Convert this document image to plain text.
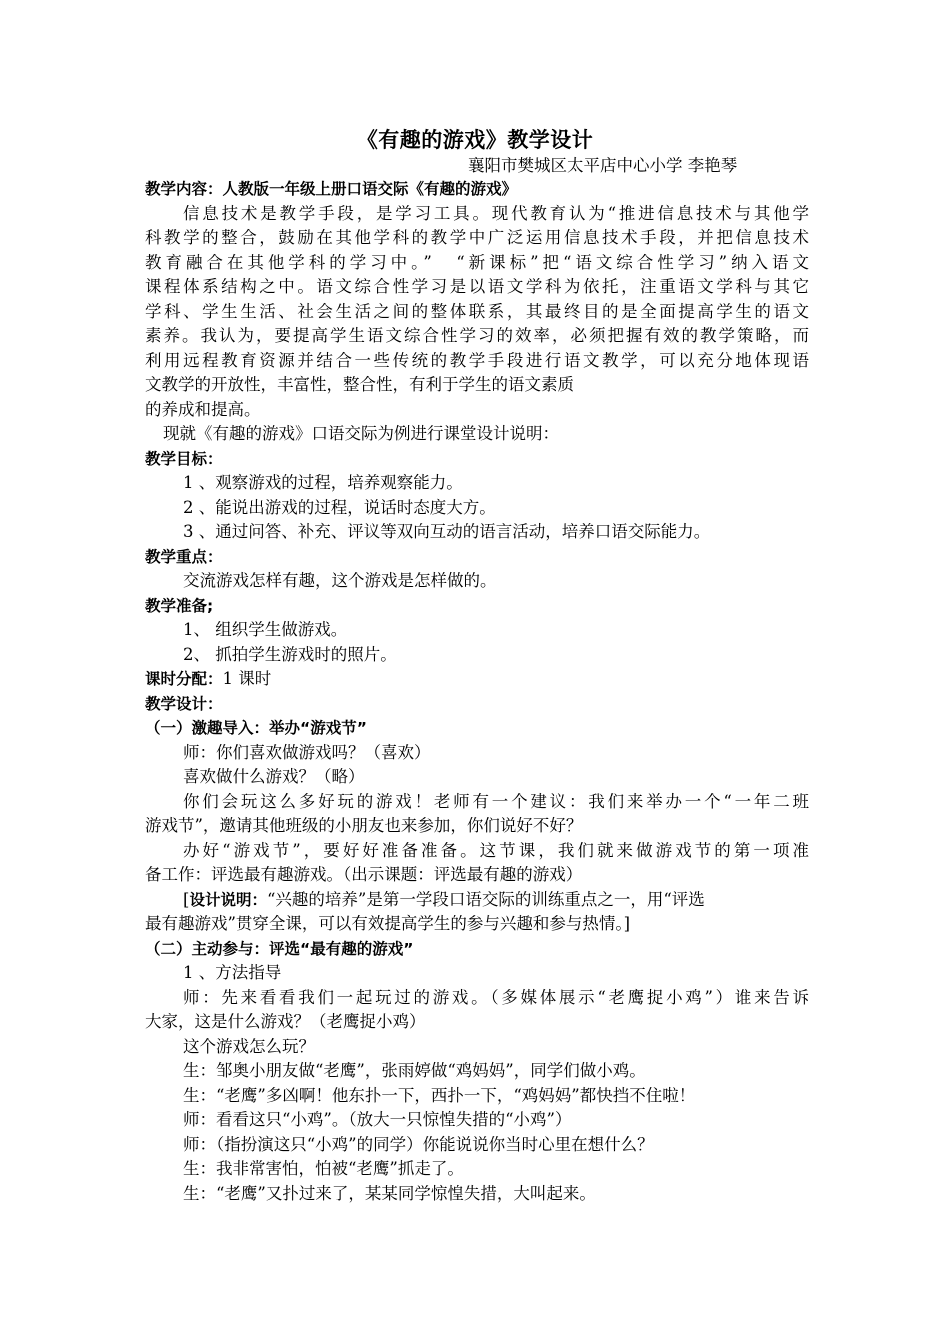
《有趣的游戏》教学设计
襄阳市樊城区太平店中心小学 李艳琴
教学内容：人教版一年级上册口语交际《有趣的游戏》
信息技术是教学手段，是学习工具。现代教育认为“推进信息技术与其他学
科教学的整合，鼓励在其他学科的教学中广泛运用信息技术手段，并把信息技术
教育融合在其他学科的学习中。”　“新课标”把“语文综合性学习”纳入语文
课程体系结构之中。语文综合性学习是以语文学科为依托，注重语文学科与其它
学科、学生生活、社会生活之间的整体联系，其最终目的是全面提高学生的语文
素养。我认为，要提高学生语文综合性学习的效率，必须把握有效的教学策略，而
利用远程教育资源并结合一些传统的教学手段进行语文教学，可以充分地体现语
文教学的开放性，丰富性，整合性，有利于学生的语文素质
的养成和提高。
现就《有趣的游戏》口语交际为例进行课堂设计说明：
教学目标：
1 、观察游戏的过程，培养观察能力。
2 、能说出游戏的过程，说话时态度大方。
3 、通过问答、补充、评议等双向互动的语言活动，培养口语交际能力。
教学重点：
交流游戏怎样有趣，这个游戏是怎样做的。
教学准备;
1、 组织学生做游戏。
2、 抓拍学生游戏时的照片。
课时分配：1 课时
教学设计：
（一）激趣导入：举办“游戏节”
师：你们喜欢做游戏吗？（喜欢）
喜欢做什么游戏？（略）
你们会玩这么多好玩的游戏！老师有一个建议：我们来举办一个“一年二班
游戏节”，邀请其他班级的小朋友也来参加，你们说好不好？
办好“游戏节”，要好好准备准备。这节课，我们就来做游戏节的第一项准
备工作：评选最有趣游戏。（出示课题：评选最有趣的游戏）
[设计说明：“兴趣的培养”是第一学段口语交际的训练重点之一，用“评选
最有趣游戏”贯穿全课，可以有效提高学生的参与兴趣和参与热情。]
（二）主动参与：评选“最有趣的游戏”
1 、方法指导
师：先来看看我们一起玩过的游戏。（多媒体展示“老鹰捉小鸡”）谁来告诉
大家，这是什么游戏？（老鹰捉小鸡）
这个游戏怎么玩？
生：邹奥小朋友做“老鹰”，张雨婷做“鸡妈妈”，同学们做小鸡。
生：“老鹰”多凶啊！他东扑一下，西扑一下，“鸡妈妈”都快挡不住啦！
师：看看这只“小鸡”。（放大一只惊惶失措的“小鸡”）
师：（指扮演这只“小鸡”的同学）你能说说你当时心里在想什么？
生：我非常害怕，怕被“老鹰”抓走了。
生：“老鹰”又扑过来了，某某同学惊惶失措，大叫起来。
